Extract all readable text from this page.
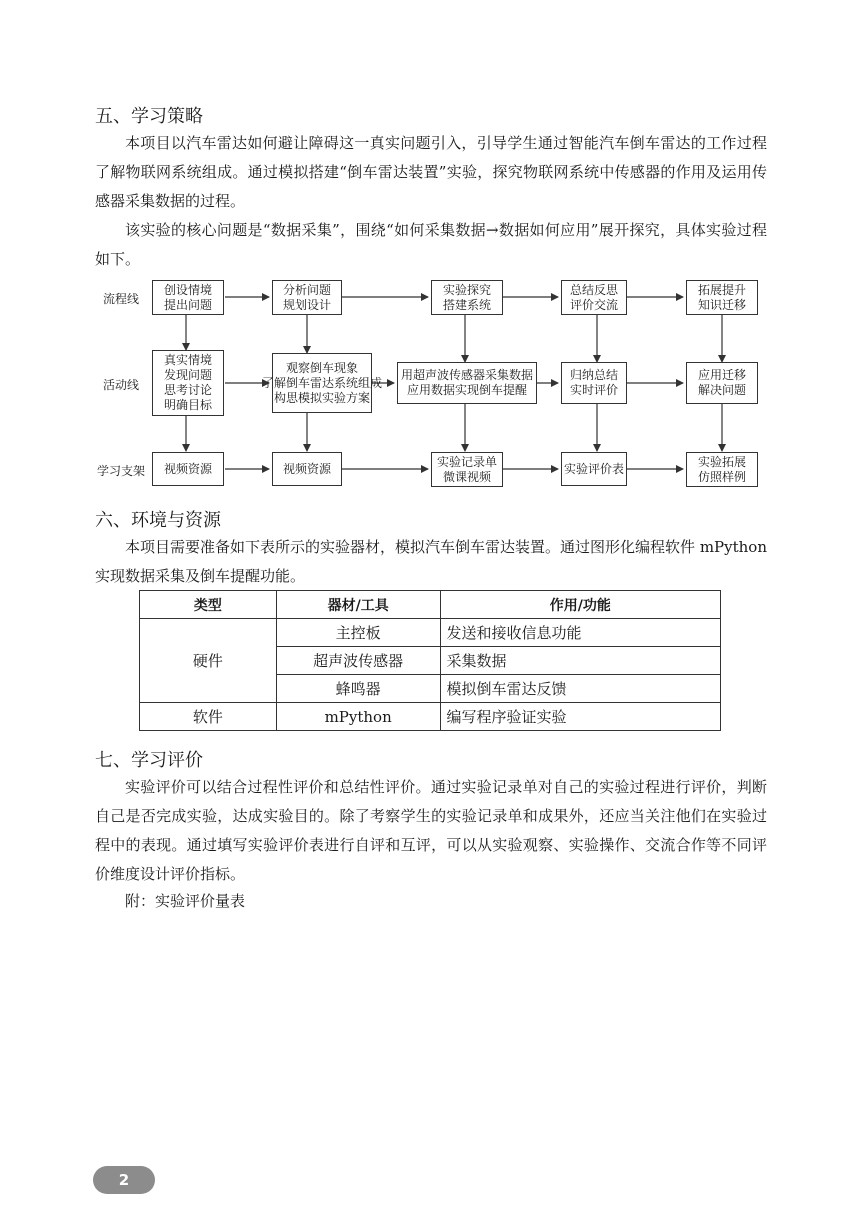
五、学习策略

本项目以汽车雷达如何避让障碍这一真实问题引入，引导学生通过智能汽车倒车雷达的工作过程了解物联网系统组成。通过模拟搭建“倒车雷达装置”实验，探究物联网系统中传感器的作用及运用传感器采集数据的过程。

该实验的核心问题是“数据采集”，围绕“如何采集数据→数据如何应用”展开探究，具体实验过程如下。

流程线
活动线
学习支架
创设情境
提出问题
分析问题
规划设计
实验探究
搭建系统
总结反思
评价交流
拓展提升
知识迁移
真实情境
发现问题
思考讨论
明确目标
观察倒车现象
了解倒车雷达系统组成
构思模拟实验方案
用超声波传感器采集数据
应用数据实现倒车提醒
归纳总结
实时评价
应用迁移
解决问题
视频资源	视频资源	实验记录单
微课视频
实验评价表	实验拓展
仿照样例
六、环境与资源

本项目需要准备如下表所示的实验器材，模拟汽车倒车雷达装置。通过图形化编程软件 mPython 实现数据采集及倒车提醒功能。

类型	器材/工具	作用/功能
硬件	主控板	发送和接收信息功能
	超声波传感器	采集数据
	蜂鸣器	模拟倒车雷达反馈
软件	mPython	编写程序验证实验
七、学习评价

实验评价可以结合过程性评价和总结性评价。通过实验记录单对自己的实验过程进行评价，判断自己是否完成实验，达成实验目的。除了考察学生的实验记录单和成果外，还应当关注他们在实验过程中的表现。通过填写实验评价表进行自评和互评，可以从实验观察、实验操作、交流合作等不同评价维度设计评价指标。

附：实验评价量表

2
